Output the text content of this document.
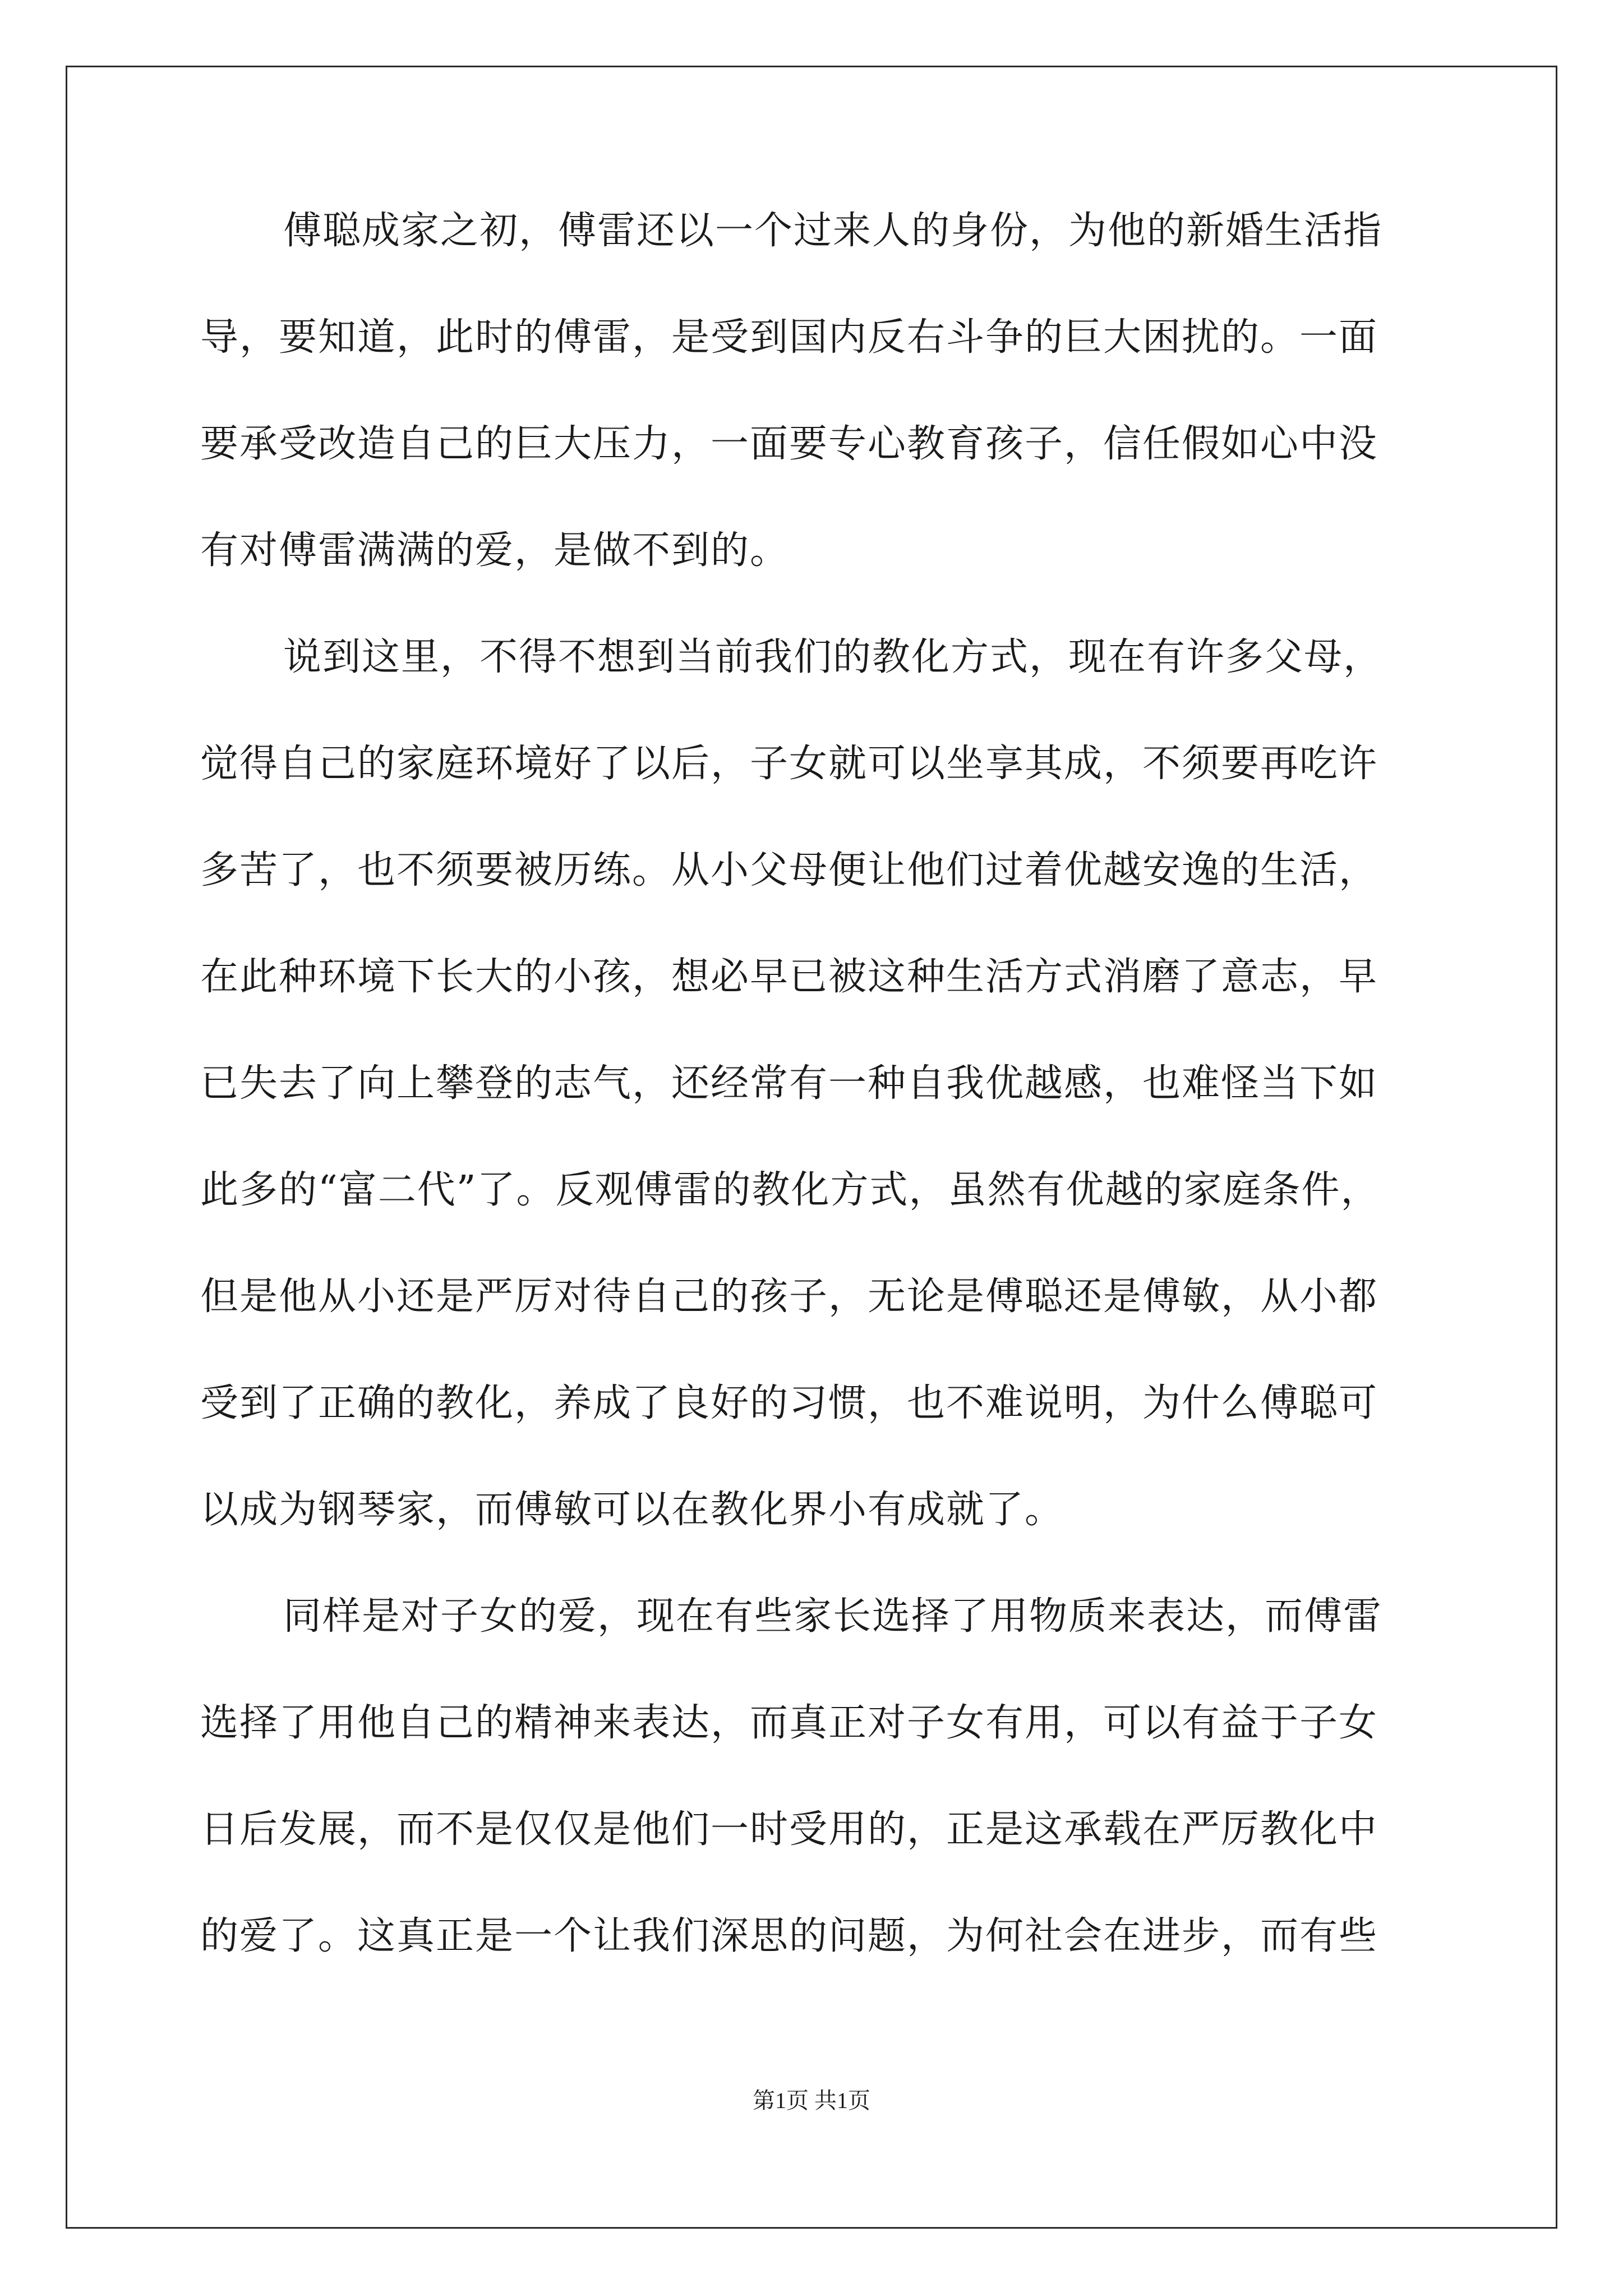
傅聪成家之初，傅雷还以一个过来人的身份，为他的新婚生活指
导，要知道，此时的傅雷，是受到国内反右斗争的巨大困扰的。一面
要承受改造自己的巨大压力，一面要专心教育孩子，信任假如心中没
有对傅雷满满的爱，是做不到的。
说到这里，不得不想到当前我们的教化方式，现在有许多父母，
觉得自己的家庭环境好了以后，子女就可以坐享其成，不须要再吃许
多苦了，也不须要被历练。从小父母便让他们过着优越安逸的生活，
在此种环境下长大的小孩，想必早已被这种生活方式消磨了意志，早
已失去了向上攀登的志气，还经常有一种自我优越感，也难怪当下如
此多的“富二代”了。反观傅雷的教化方式，虽然有优越的家庭条件，
但是他从小还是严厉对待自己的孩子，无论是傅聪还是傅敏，从小都
受到了正确的教化，养成了良好的习惯，也不难说明，为什么傅聪可
以成为钢琴家，而傅敏可以在教化界小有成就了。
同样是对子女的爱，现在有些家长选择了用物质来表达，而傅雷
选择了用他自己的精神来表达，而真正对子女有用，可以有益于子女
日后发展，而不是仅仅是他们一时受用的，正是这承载在严厉教化中
的爱了。这真正是一个让我们深思的问题，为何社会在进步，而有些
第1页 共1页
